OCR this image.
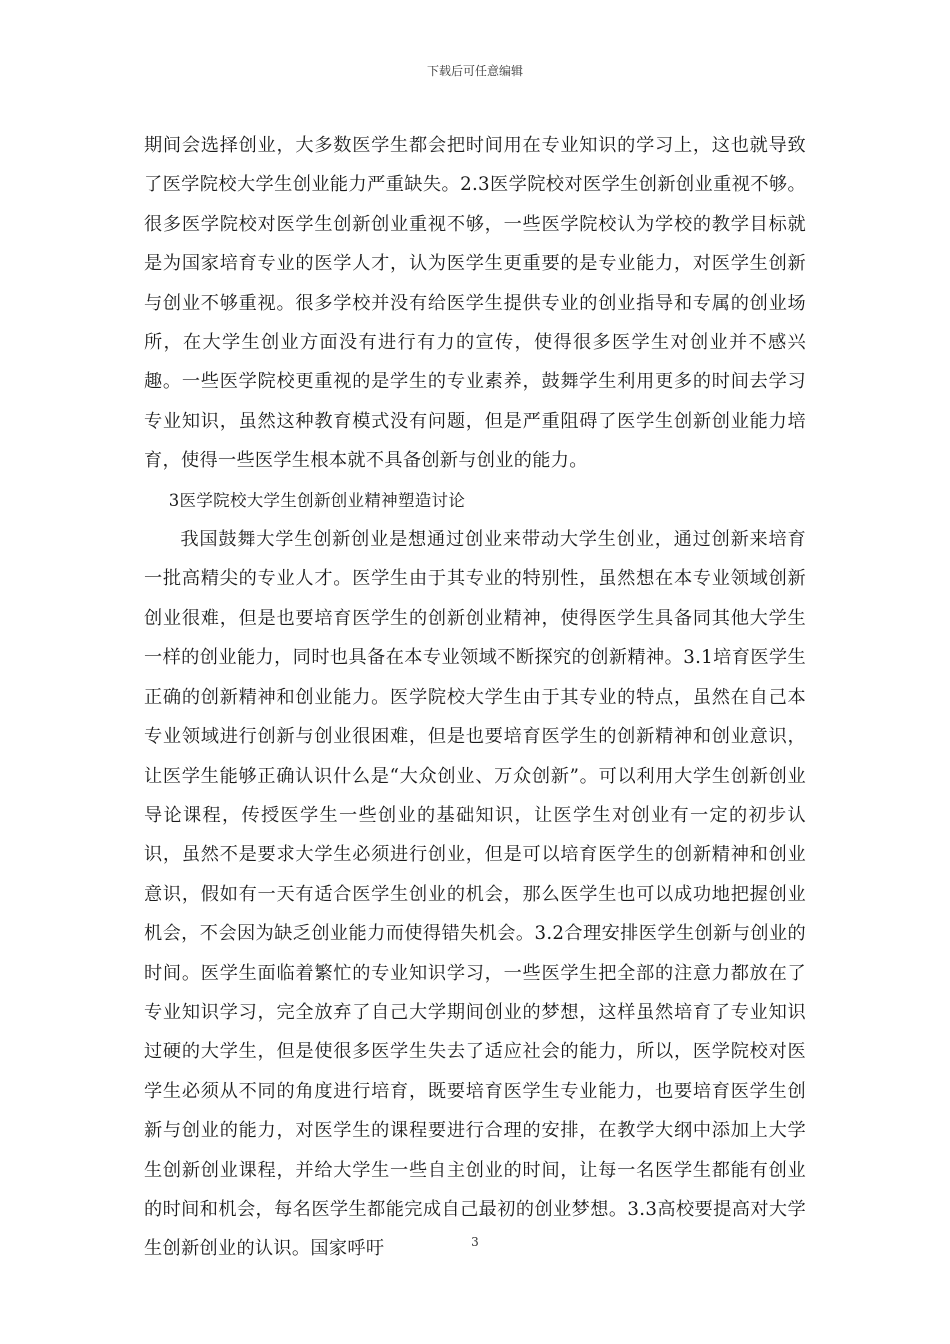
下载后可任意编辑

期间会选择创业，大多数医学生都会把时间用在专业知识的学习上，这也就导致了医学院校大学生创业能力严重缺失。2.3医学院校对医学生创新创业重视不够。很多医学院校对医学生创新创业重视不够，一些医学院校认为学校的教学目标就是为国家培育专业的医学人才，认为医学生更重要的是专业能力，对医学生创新与创业不够重视。很多学校并没有给医学生提供专业的创业指导和专属的创业场所，在大学生创业方面没有进行有力的宣传，使得很多医学生对创业并不感兴趣。一些医学院校更重视的是学生的专业素养，鼓舞学生利用更多的时间去学习专业知识，虽然这种教育模式没有问题，但是严重阻碍了医学生创新创业能力培育，使得一些医学生根本就不具备创新与创业的能力。

3医学院校大学生创新创业精神塑造讨论

我国鼓舞大学生创新创业是想通过创业来带动大学生创业，通过创新来培育一批高精尖的专业人才。医学生由于其专业的特别性，虽然想在本专业领域创新创业很难，但是也要培育医学生的创新创业精神，使得医学生具备同其他大学生一样的创业能力，同时也具备在本专业领域不断探究的创新精神。3.1培育医学生正确的创新精神和创业能力。医学院校大学生由于其专业的特点，虽然在自己本专业领域进行创新与创业很困难，但是也要培育医学生的创新精神和创业意识，让医学生能够正确认识什么是“大众创业、万众创新”。可以利用大学生创新创业导论课程，传授医学生一些创业的基础知识，让医学生对创业有一定的初步认识，虽然不是要求大学生必须进行创业，但是可以培育医学生的创新精神和创业意识，假如有一天有适合医学生创业的机会，那么医学生也可以成功地把握创业机会，不会因为缺乏创业能力而使得错失机会。3.2合理安排医学生创新与创业的时间。医学生面临着繁忙的专业知识学习，一些医学生把全部的注意力都放在了专业知识学习，完全放弃了自己大学期间创业的梦想，这样虽然培育了专业知识过硬的大学生，但是使很多医学生失去了适应社会的能力，所以，医学院校对医学生必须从不同的角度进行培育，既要培育医学生专业能力，也要培育医学生创新与创业的能力，对医学生的课程要进行合理的安排，在教学大纲中添加上大学生创新创业课程，并给大学生一些自主创业的时间，让每一名医学生都能有创业的时间和机会，每名医学生都能完成自己最初的创业梦想。3.3高校要提高对大学生创新创业的认识。国家呼吁	3
